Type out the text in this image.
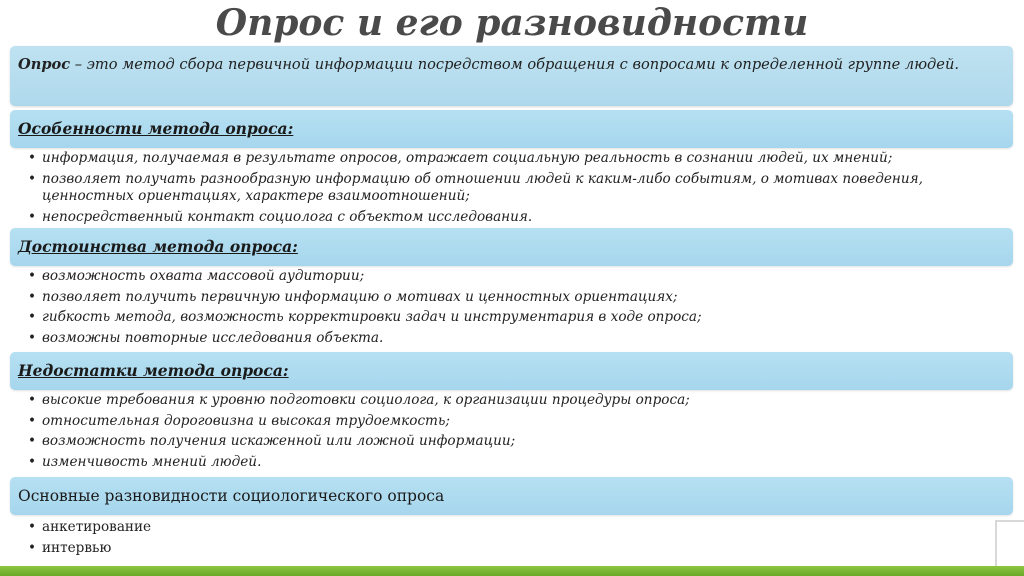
Опрос и его разновидности
Опрос – это метод сбора первичной информации посредством обращения с вопросами к определенной группе людей.
Особенности метода опроса:
• информация, получаемая в результате опросов, отражает социальную реальность в сознании людей, их мнений;
• позволяет получать разнообразную информацию об отношении людей к каким-либо событиям, о мотивах поведения, ценностных ориентациях, характере взаимоотношений;
• непосредственный контакт социолога с объектом исследования.
Достоинства метода опроса:
• возможность охвата массовой аудитории;
• позволяет получить первичную информацию о мотивах и ценностных ориентациях;
• гибкость метода, возможность корректировки задач и инструментария в ходе опроса;
• возможны повторные исследования объекта.
Недостатки метода опроса:
• высокие требования к уровню подготовки социолога, к организации процедуры опроса;
• относительная дороговизна и высокая трудоемкость;
• возможность получения искаженной или ложной информации;
• изменчивость мнений людей.
Основные разновидности социологического опроса
• анкетирование
• интервью
